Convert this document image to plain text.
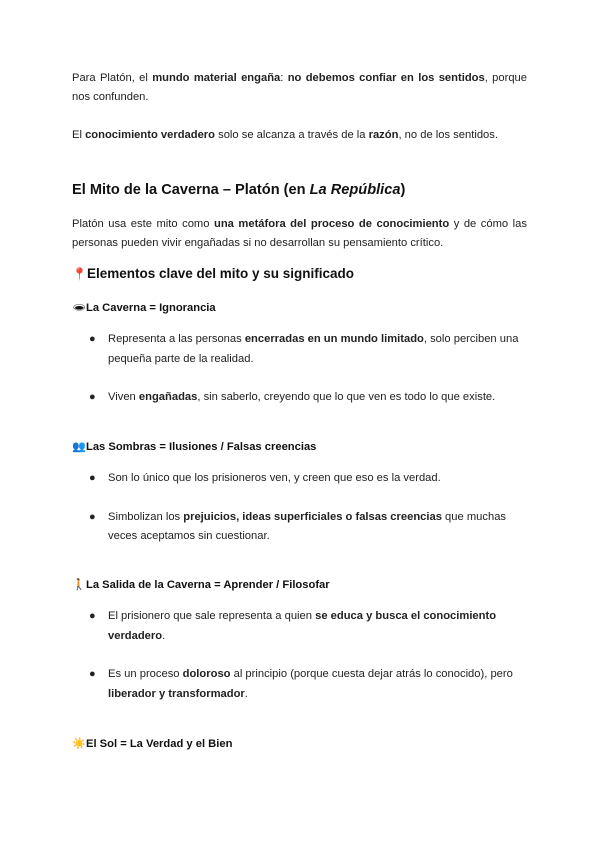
Para Platón, el mundo material engaña: no debemos confiar en los sentidos, porque nos confunden.

El conocimiento verdadero solo se alcanza a través de la razón, no de los sentidos.

El Mito de la Caverna – Platón (en La República)

Platón usa este mito como una metáfora del proceso de conocimiento y de cómo las personas pueden vivir engañadas si no desarrollan su pensamiento crítico.

📍Elementos clave del mito y su significado

🕳La Caverna = Ignorancia

● Representa a las personas encerradas en un mundo limitado, solo perciben una pequeña parte de la realidad.
● Viven engañadas, sin saberlo, creyendo que lo que ven es todo lo que existe.

👥Las Sombras = Ilusiones / Falsas creencias

● Son lo único que los prisioneros ven, y creen que eso es la verdad.
● Simbolizan los prejuicios, ideas superficiales o falsas creencias que muchas veces aceptamos sin cuestionar.

🚶La Salida de la Caverna = Aprender / Filosofar

● El prisionero que sale representa a quien se educa y busca el conocimiento verdadero.
● Es un proceso doloroso al principio (porque cuesta dejar atrás lo conocido), pero liberador y transformador.

☀️El Sol = La Verdad y el Bien
